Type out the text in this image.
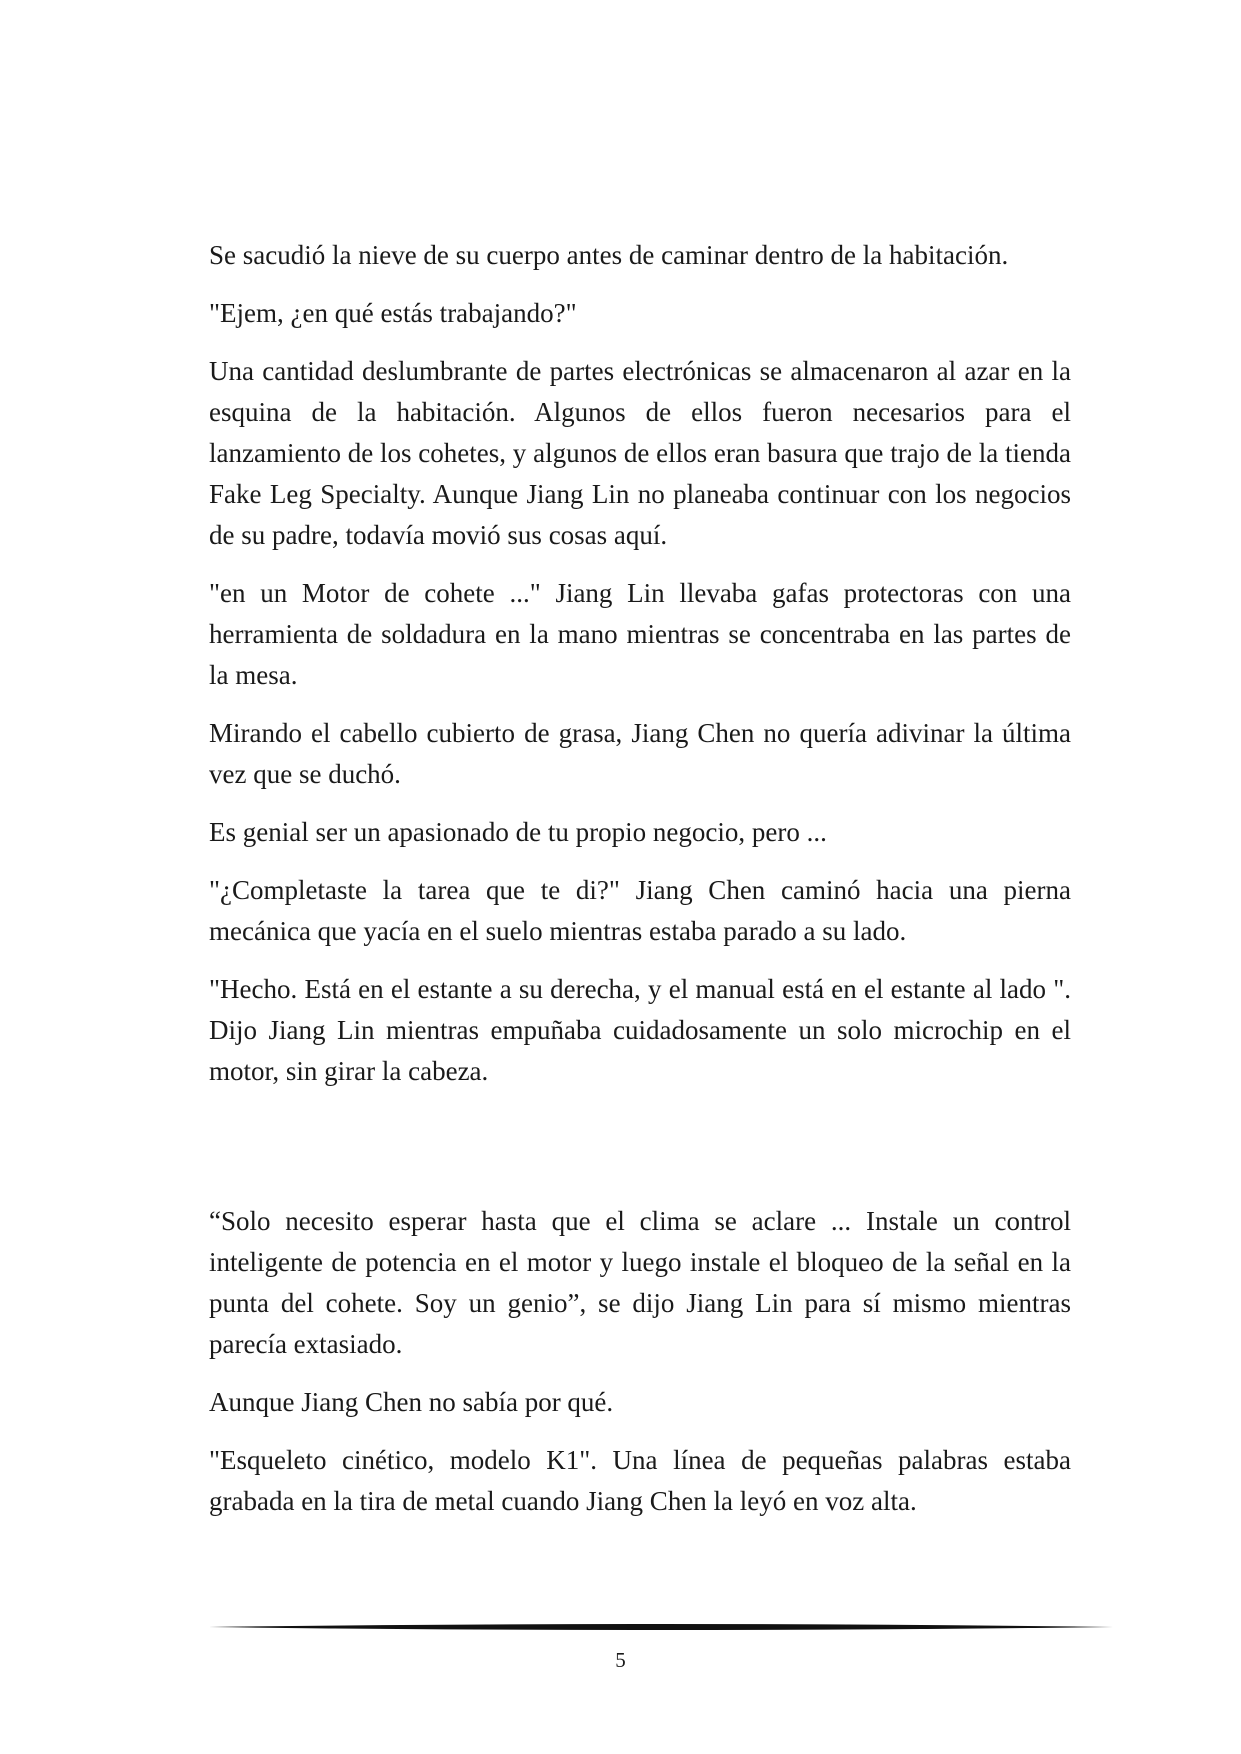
Se sacudió la nieve de su cuerpo antes de caminar dentro de la habitación.

"Ejem, ¿en qué estás trabajando?"

Una cantidad deslumbrante de partes electrónicas se almacenaron al azar en la esquina de la habitación. Algunos de ellos fueron necesarios para el lanzamiento de los cohetes, y algunos de ellos eran basura que trajo de la tienda Fake Leg Specialty. Aunque Jiang Lin no planeaba continuar con los negocios de su padre, todavía movió sus cosas aquí.

"en un Motor de cohete ..." Jiang Lin llevaba gafas protectoras con una herramienta de soldadura en la mano mientras se concentraba en las partes de la mesa.

Mirando el cabello cubierto de grasa, Jiang Chen no quería adivinar la última vez que se duchó.

Es genial ser un apasionado de tu propio negocio, pero ...

"¿Completaste la tarea que te di?" Jiang Chen caminó hacia una pierna mecánica que yacía en el suelo mientras estaba parado a su lado.

"Hecho. Está en el estante a su derecha, y el manual está en el estante al lado ". Dijo Jiang Lin mientras empuñaba cuidadosamente un solo microchip en el motor, sin girar la cabeza.

“Solo necesito esperar hasta que el clima se aclare ... Instale un control inteligente de potencia en el motor y luego instale el bloqueo de la señal en la punta del cohete. Soy un genio”, se dijo Jiang Lin para sí mismo mientras parecía extasiado.

Aunque Jiang Chen no sabía por qué.

"Esqueleto cinético, modelo K1". Una línea de pequeñas palabras estaba grabada en la tira de metal cuando Jiang Chen la leyó en voz alta.

5
